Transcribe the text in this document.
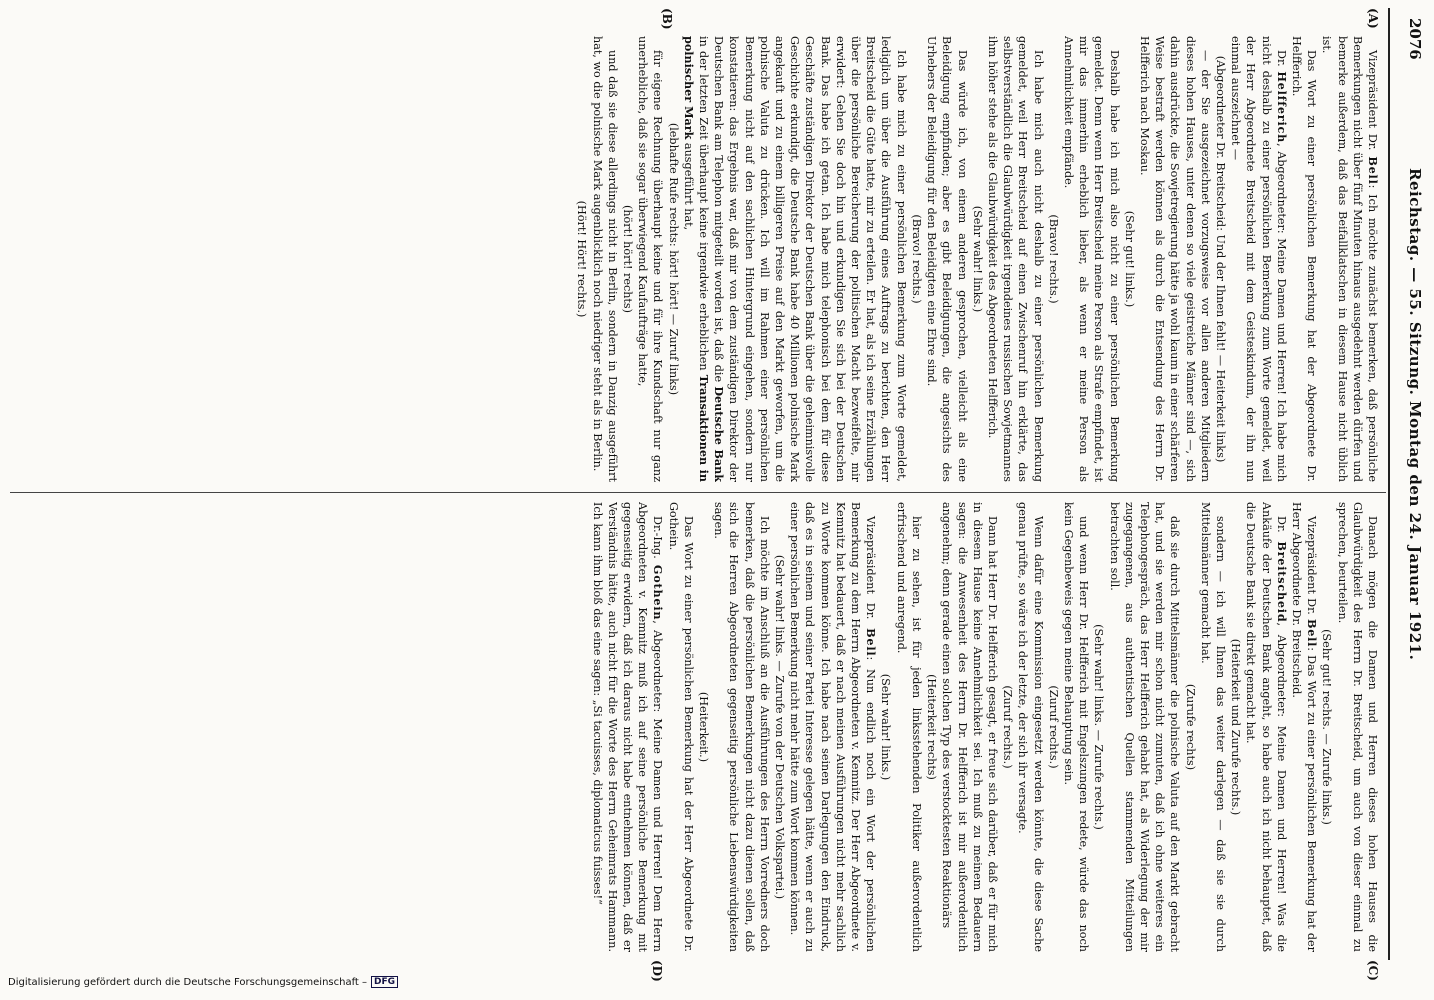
2076
Reichstag. — 55. Sitzung. Montag den 24. Januar 1921.
(A)
(B)
(C)
(D)

Vizepräsident Dr. Bell: Ich möchte zunächst bemerken, daß persönliche Bemerkungen nicht über fünf Minuten hinaus ausgedehnt werden dürfen und bemerke außerdem, daß das Beifallklatschen in diesem Hause nicht üblich ist.

Das Wort zu einer persönlichen Bemerkung hat der Abgeordnete Dr. Helfferich.

Dr. Helfferich, Abgeordneter: Meine Damen und Herren! Ich habe mich nicht deshalb zu einer persönlichen Bemerkung zum Worte gemeldet, weil der Herr Abgeordnete Breitscheid mit dem Geisteskindum, der ihn nun einmal auszeichnet —

(Abgeordneter Dr. Breitscheid: Und der Ihnen fehlt! — Heiterkeit links)

— der Sie ausgezeichnet vorzugsweise vor allen anderen Mitgliedern dieses hohen Hauses, unter denen so viele geistreiche Männer sind —, sich dahin ausdrückte, die Sowjetregierung hätte ja wohl kaum in einer schärferen Weise bestraft werden können als durch die Entsendung des Herrn Dr. Helfferich nach Moskau.

(Sehr gut! links.)

Deshalb habe ich mich also nicht zu einer persönlichen Bemerkung gemeldet. Denn wenn Herr Breitscheid meine Person als Strafe empfindet, ist mir das immerhin erheblich lieber, als wenn er meine Person als Annehmlichkeit empfände.

(Bravo! rechts.)

Ich habe mich auch nicht deshalb zu einer persönlichen Bemerkung gemeldet, weil Herr Breitscheid auf einen Zwischenruf hin erklärte, das selbstverständlich die Glaubwürdigkeit irgendeines russischen Sowjetmannes ihm höher stehe als die Glaubwürdigkeit des Abgeordneten Helfferich.

(Sehr wahr! links.)

Das würde ich, von einem anderen gesprochen, vielleicht als eine Beleidigung empfinden; aber es gibt Beleidigungen, die angesichts des Urhebers der Beleidigung für den Beleidigten eine Ehre sind.

(Bravo! rechts.)

Ich habe mich zu einer persönlichen Bemerkung zum Worte gemeldet, lediglich um über die Ausführung eines Auftrags zu berichten, den Herr Breitscheid die Güte hatte, mir zu erteilen. Er hat, als ich seine Erzählungen über die persönliche Bereicherung der politischen Macht bezweifelte, mir erwidert: Gehen Sie doch hin und erkundigen Sie sich bei der Deutschen Bank. Das habe ich getan. Ich habe mich telephonisch bei dem für diese Geschäfte zuständigen Direktor der Deutschen Bank über die geheimnisvolle Geschichte erkundigt, die Deutsche Bank habe 40 Millionen polnische Mark angekauft und zu einem billigeren Preise auf den Markt geworfen, um die polnische Valuta zu drücken. Ich will im Rahmen einer persönlichen Bemerkung nicht auf den sachlichen Hintergrund eingehen, sondern nur konstatieren: das Ergebnis war, daß mir von dem zuständigen Direktor der Deutschen Bank am Telephon mitgeteilt worden ist, daß die Deutsche Bank in der letzten Zeit überhaupt keine irgendwie erheblichen Transaktionen in polnischer Mark ausgeführt hat,

(lebhafte Rufe rechts: hört! hört! — Zuruf links)

für eigene Rechnung überhaupt keine und für ihre Kundschaft nur ganz unerhebliche, daß sie sogar überwiegend Kaufaufträge hatte,

(hört! hört! rechts)

und daß sie diese allerdings nicht in Berlin, sondern in Danzig ausgeführt hat, wo die polnische Mark augenblicklich noch niedriger steht als in Berlin.

(Hört! Hört! rechts.)

Danach mögen die Damen und Herren dieses hohen Hauses die Glaubwürdigkeit des Herrn Dr. Breitscheid, um auch von dieser einmal zu sprechen, beurteilen.

(Sehr gut! rechts. — Zurufe links.)

Vizepräsident Dr. Bell: Das Wort zu einer persönlichen Bemerkung hat der Herr Abgeordnete Dr. Breitscheid.

Dr. Breitscheid, Abgeordneter: Meine Damen und Herren! Was die Ankäufe der Deutschen Bank angeht, so habe auch ich nicht behauptet, daß die Deutsche Bank sie direkt gemacht hat.

(Heiterkeit und Zurufe rechts.)

sondern — ich will Ihnen das weiter darlegen — daß sie sie durch Mittelsmänner gemacht hat.

(Zurufe rechts)

daß sie durch Mittelsmänner die polnische Valuta auf den Markt gebracht hat, und sie werden mir schon nicht zumuten, daß ich ohne weiteres ein Telephongespräch, das Herr Helfferich gehabt hat, als Widerlegung der mir zugegangenen, aus authentischen Quellen stammenden Mitteilungen betrachten soll.

(Sehr wahr! links. — Zurufe rechts.)

und wenn Herr Dr. Helfferich mit Engelszungen redete, würde das noch kein Gegenbeweis gegen meine Behauptung sein.

(Zuruf rechts.)

Wenn dafür eine Kommission eingesetzt werden könnte, die diese Sache genau prüfte, so wäre ich der letzte, der sich ihr versagte.

(Zuruf rechts.)

Dann hat Herr Dr. Helfferich gesagt, er freue sich darüber, daß er für mich in diesem Hause keine Annehmlichkeit sei. Ich muß zu meinem Bedauern sagen: die Anwesenheit des Herrn Dr. Helfferich ist mir außerordentlich angenehm; denn gerade einen solchen Typ des verstocktesten Reaktionärs

(Heiterkeit rechts)

hier zu sehen, ist für jeden linksstehenden Politiker außerordentlich erfrischend und anregend.

(Sehr wahr! links.)

Vizepräsident Dr. Bell: Nun endlich noch ein Wort der persönlichen Bemerkung zu dem Herrn Abgeordneten v. Kemnitz. Der Herr Abgeordnete v. Kemnitz hat bedauert, daß er nach meinen Ausführungen nicht mehr sachlich zu Worte kommen könne. Ich habe nach seinen Darlegungen den Eindruck, daß es in seinem und seiner Partei Interesse gelegen hätte, wenn er auch zu einer persönlichen Bemerkung nicht mehr hätte zum Wort kommen können.

(Sehr wahr! links. — Zurufe von der Deutschen Volkspartei.)

Ich möchte im Anschluß an die Ausführungen des Herrn Vorredners doch bemerken, daß die persönlichen Bemerkungen nicht dazu dienen sollen, daß sich die Herren Abgeordneten gegenseitig persönliche Liebenswürdigkeiten sagen.

(Heiterkeit.)

Das Wort zu einer persönlichen Bemerkung hat der Herr Abgeordnete Dr. Gothein.

Dr.-Ing. Gothein, Abgeordneter: Meine Damen und Herren! Dem Herrn Abgeordneten v. Kemnitz muß ich auf seine persönliche Bemerkung mit gegenseitig erwidern, daß ich daraus nicht habe entnehmen können, daß er Verständnis hätte, auch nicht für die Worte des Herrn Geheimrats Hammann. Ich kann ihm bloß das eine sagen: „Si tacuisses, diplomaticus fuisses!“

Digitalisierung gefördert durch die Deutsche Forschungsgemeinschaft – DFG
